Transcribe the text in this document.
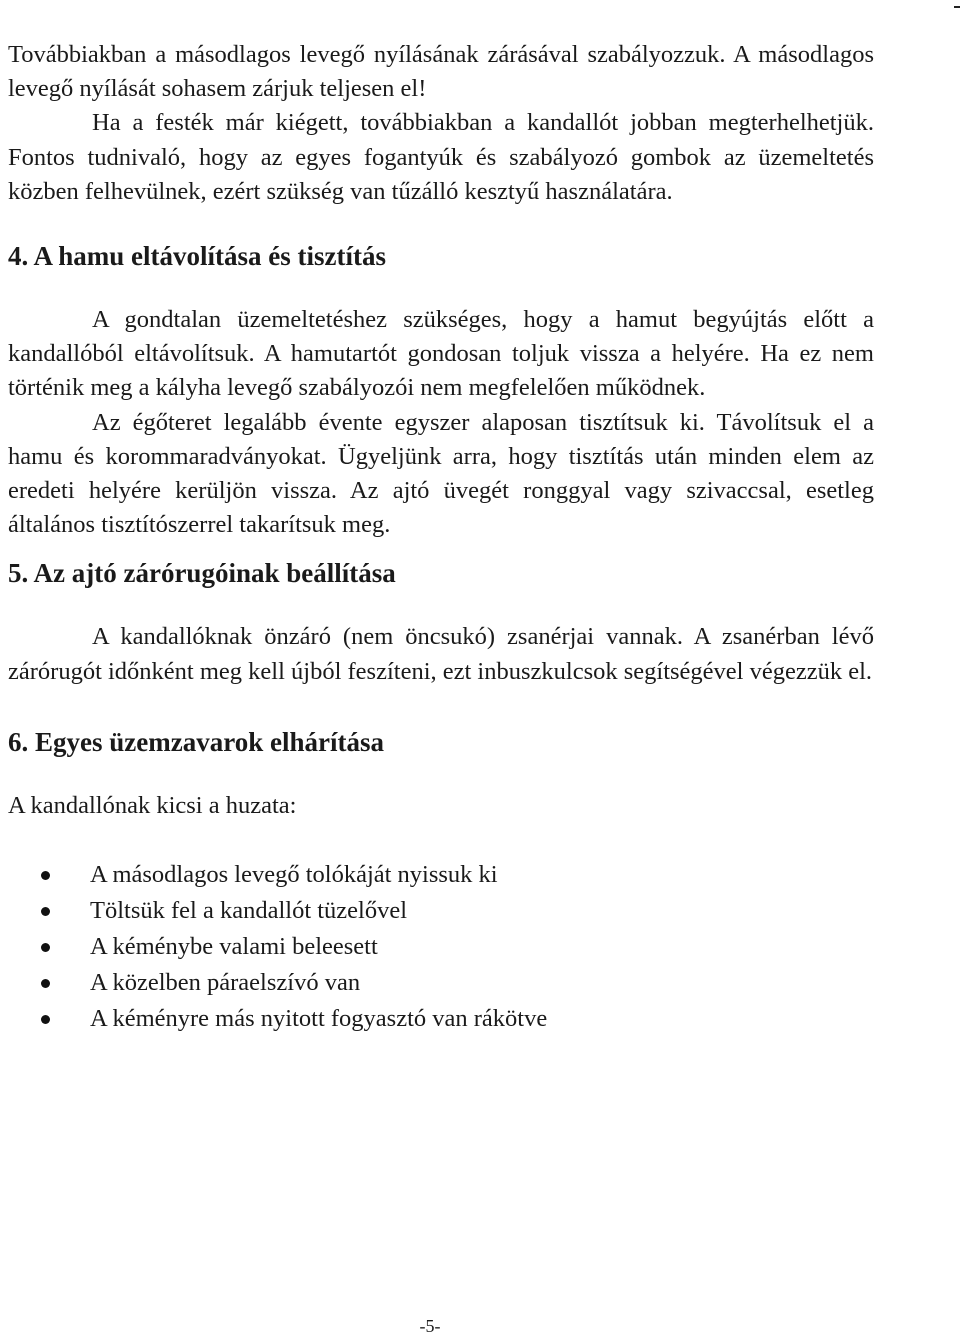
Továbbiakban a másodlagos levegő nyílásának zárásával szabályozzuk. A másodlagos levegő nyílását sohasem zárjuk teljesen el!

Ha a festék már kiégett, továbbiakban a kandallót jobban megterhelhetjük. Fontos tudnivaló, hogy az egyes fogantyúk és szabályozó gombok az üzemeltetés közben felhevülnek, ezért szükség van tűzálló kesztyű használatára.

4. A hamu eltávolítása és tisztítás

A gondtalan üzemeltetéshez szükséges, hogy a hamut begyújtás előtt a kandallóból eltávolítsuk. A hamutartót gondosan toljuk vissza a helyére. Ha ez nem történik meg a kályha levegő szabályozói nem megfelelően működnek.

Az égőteret legalább évente egyszer alaposan tisztítsuk ki. Távolítsuk el a hamu és korommaradványokat. Ügyeljünk arra, hogy tisztítás után minden elem az eredeti helyére kerüljön vissza. Az ajtó üvegét ronggyal vagy szivaccsal, esetleg általános tisztítószerrel takarítsuk meg.

5. Az ajtó zárórugóinak beállítása

A kandallóknak önzáró (nem öncsukó) zsanérjai vannak. A zsanérban lévő zárórugót időnként meg kell újból feszíteni, ezt inbuszkulcsok segítségével végezzük el.

6. Egyes üzemzavarok elhárítása

A kandallónak kicsi a huzata:

A másodlagos levegő tolókáját nyissuk ki
Töltsük fel a kandallót tüzelővel
A kéménybe valami beleesett
A közelben páraelszívó van
A kéményre más nyitott fogyasztó van rákötve
-5-
